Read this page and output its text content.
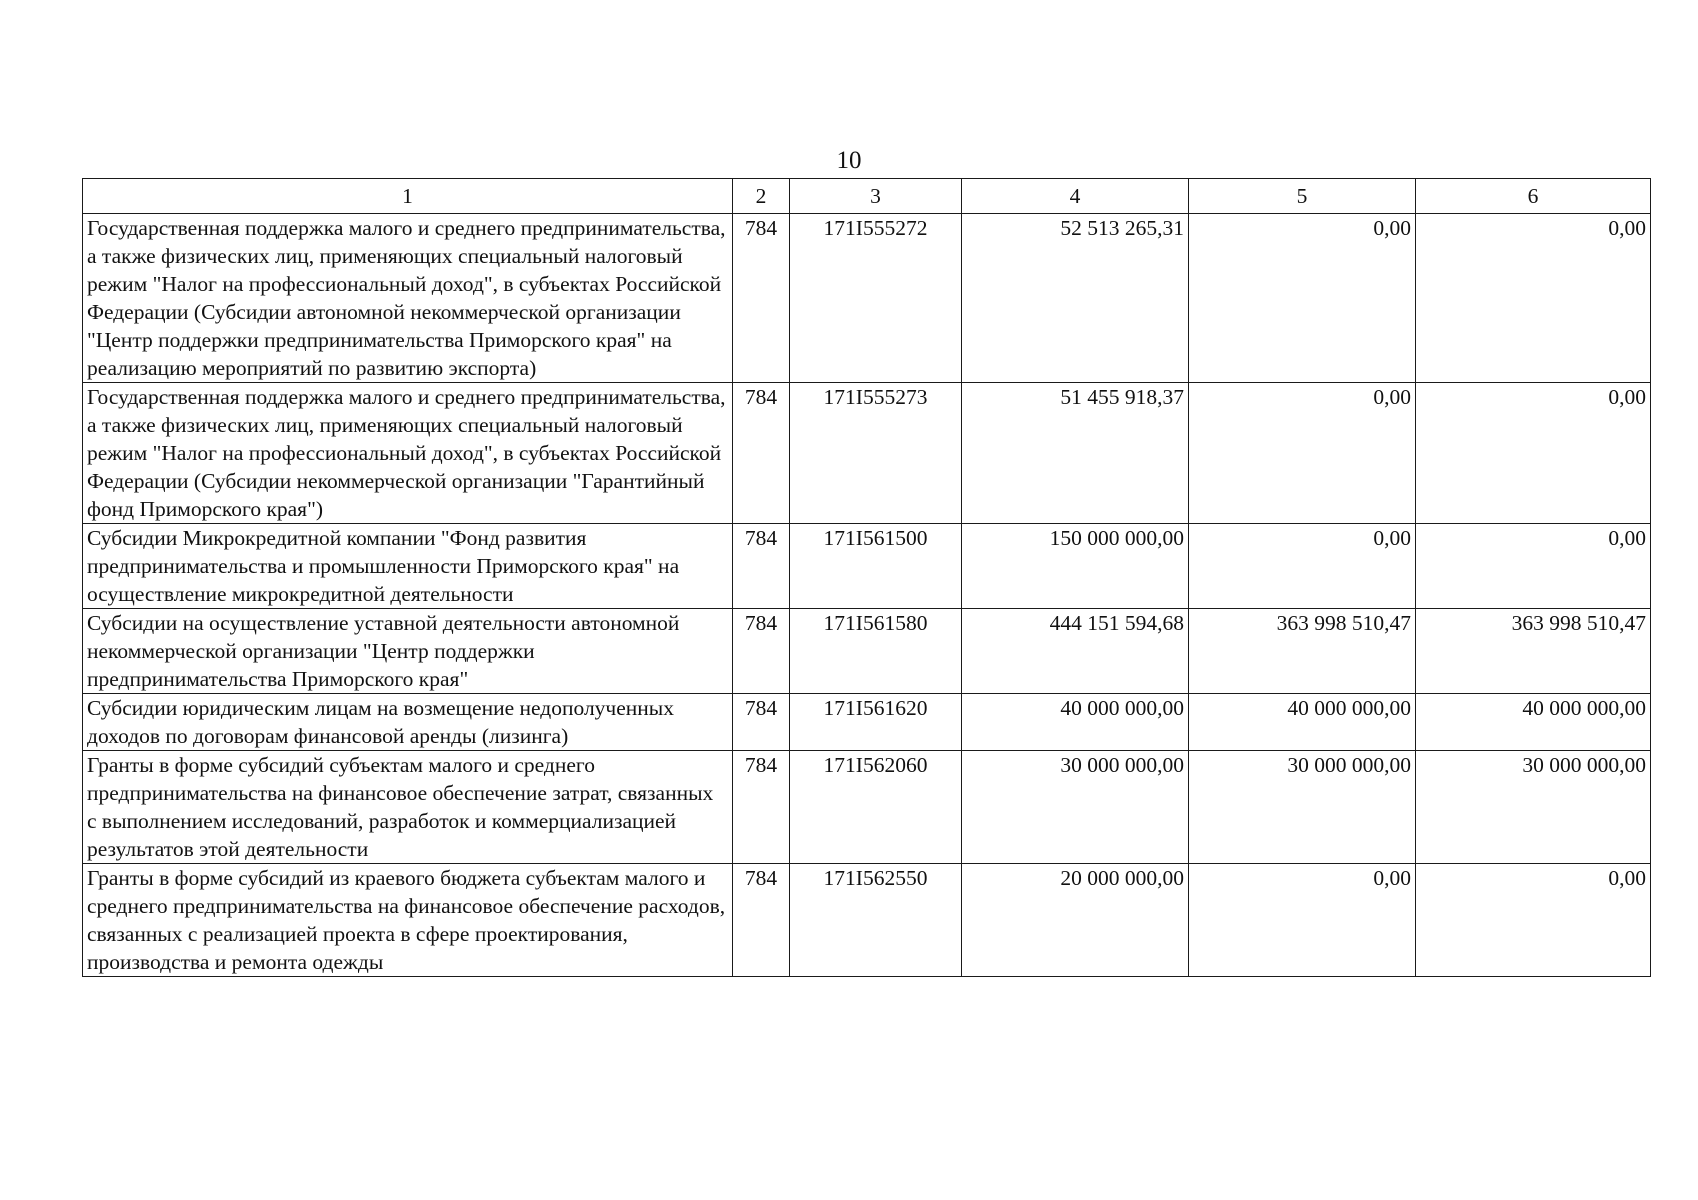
10
1	2	3	4	5	6
Государственная поддержка малого и среднего предпринимательства, а также физических лиц, применяющих специальный налоговый режим "Налог на профессиональный доход", в субъектах Российской Федерации (Субсидии автономной некоммерческой организации "Центр поддержки предпринимательства Приморского края" на реализацию мероприятий по развитию экспорта)	784	171I555272	52 513 265,31	0,00	0,00
Государственная поддержка малого и среднего предпринимательства, а также физических лиц, применяющих специальный налоговый режим "Налог на профессиональный доход", в субъектах Российской Федерации (Субсидии некоммерческой организации "Гарантийный фонд Приморского края")	784	171I555273	51 455 918,37	0,00	0,00
Субсидии Микрокредитной компании "Фонд развития предпринимательства и промышленности Приморского края" на осуществление микрокредитной деятельности	784	171I561500	150 000 000,00	0,00	0,00
Субсидии на осуществление уставной деятельности автономной некоммерческой организации "Центр поддержки предпринимательства Приморского края"	784	171I561580	444 151 594,68	363 998 510,47	363 998 510,47
Субсидии юридическим лицам на возмещение недополученных доходов по договорам финансовой аренды (лизинга)	784	171I561620	40 000 000,00	40 000 000,00	40 000 000,00
Гранты в форме субсидий субъектам малого и среднего предпринимательства на финансовое обеспечение затрат, связанных с выполнением исследований, разработок и коммерциализацией результатов этой деятельности	784	171I562060	30 000 000,00	30 000 000,00	30 000 000,00
Гранты в форме субсидий из краевого бюджета субъектам малого и среднего предпринимательства на финансовое обеспечение расходов, связанных с реализацией проекта в сфере проектирования, производства и ремонта одежды	784	171I562550	20 000 000,00	0,00	0,00
